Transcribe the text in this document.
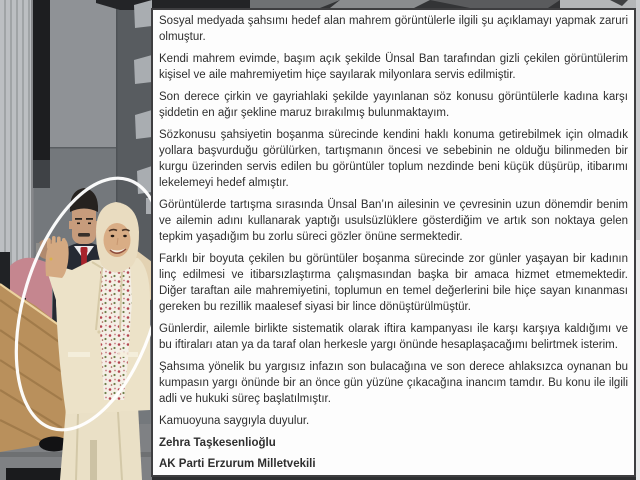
Sosyal medyada şahsımı hedef alan mahrem görüntülerle ilgili şu açıklamayı yapmak zaruri olmuştur.

Kendi mahrem evimde, başım açık şekilde Ünsal Ban tarafından gizli çekilen görüntülerim kişisel ve aile mahremiyetim hiçe sayılarak milyonlara servis edilmiştir.

Son derece çirkin ve gayriahlaki şekilde yayınlanan söz konusu görüntülerle kadına karşı şiddetin en ağır şekline maruz bırakılmış bulunmaktayım.

Sözkonusu şahsiyetin boşanma sürecinde kendini haklı konuma getirebilmek için olmadık yollara başvurduğu görülürken, tartışmanın öncesi ve sebebinin ne olduğu bilinmeden bir kurgu üzerinden servis edilen bu görüntüler toplum nezdinde beni küçük düşürüp, itibarımı lekelemeyi hedef almıştır.

Görüntülerde tartışma sırasında Ünsal Ban’ın ailesinin ve çevresinin uzun dönemdir benim ve ailemin adını kullanarak yaptığı usulsüzlüklere gösterdiğim ve artık son noktaya gelen tepkim yaşadığım bu zorlu süreci gözler önüne sermektedir.

Farklı bir boyuta çekilen bu görüntüler boşanma sürecinde zor günler yaşayan bir kadının linç edilmesi ve itibarsızlaştırma çalışmasından başka bir amaca hizmet etmemektedir. Diğer taraftan aile mahremiyetini, toplumun en temel değerlerini bile hiçe sayan kınanması gereken bu rezillik maalesef siyasi bir lince dönüştürülmüştür.

Günlerdir, ailemle birlikte sistematik olarak iftira kampanyası ile karşı karşıya kaldığımı ve bu iftiraları atan ya da taraf olan herkesle yargı önünde hesaplaşacağımı belirtmek isterim.

Şahsıma yönelik bu yargısız infazın son bulacağına ve son derece ahlaksızca oynanan bu kumpasın yargı önünde bir an önce gün yüzüne çıkacağına inancım tamdır. Bu konu ile ilgili adli ve hukuki süreç başlatılmıştır.

Kamuoyuna saygıyla duyulur.

Zehra Taşkesenlioğlu

AK Parti Erzurum Milletvekili
